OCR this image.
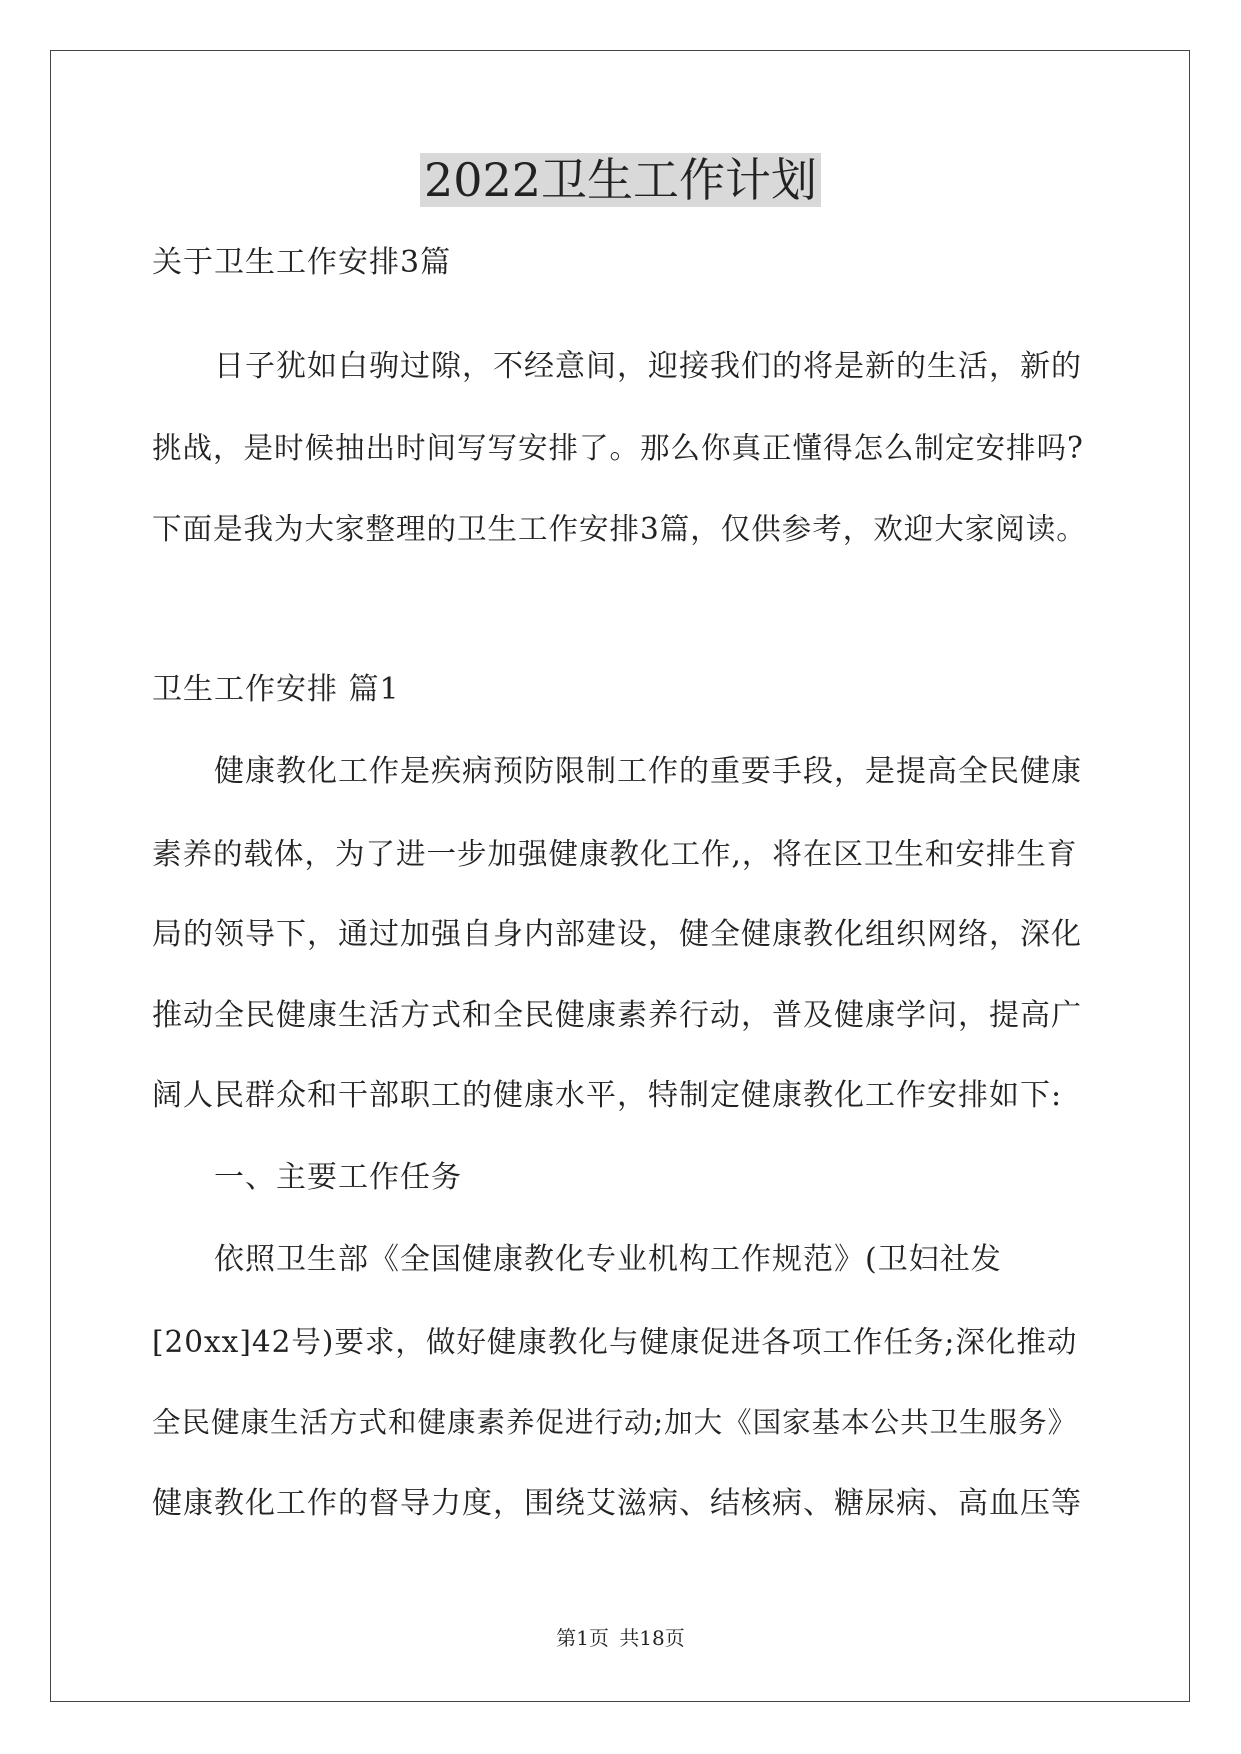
2022卫生工作计划
关于卫生工作安排3篇
　　日子犹如白驹过隙，不经意间，迎接我们的将是新的生活，新的
挑战，是时候抽出时间写写安排了。那么你真正懂得怎么制定安排吗?
下面是我为大家整理的卫生工作安排3篇，仅供参考，欢迎大家阅读。
卫生工作安排 篇1
　　健康教化工作是疾病预防限制工作的重要手段，是提高全民健康
素养的载体，为了进一步加强健康教化工作,，将在区卫生和安排生育
局的领导下，通过加强自身内部建设，健全健康教化组织网络，深化
推动全民健康生活方式和全民健康素养行动，普及健康学问，提高广
阔人民群众和干部职工的健康水平，特制定健康教化工作安排如下:
　　一、主要工作任务
　　依照卫生部《全国健康教化专业机构工作规范》(卫妇社发
[20xx]42号)要求，做好健康教化与健康促进各项工作任务;深化推动
全民健康生活方式和健康素养促进行动;加大《国家基本公共卫生服务》
健康教化工作的督导力度，围绕艾滋病、结核病、糖尿病、高血压等
第1页 共18页
